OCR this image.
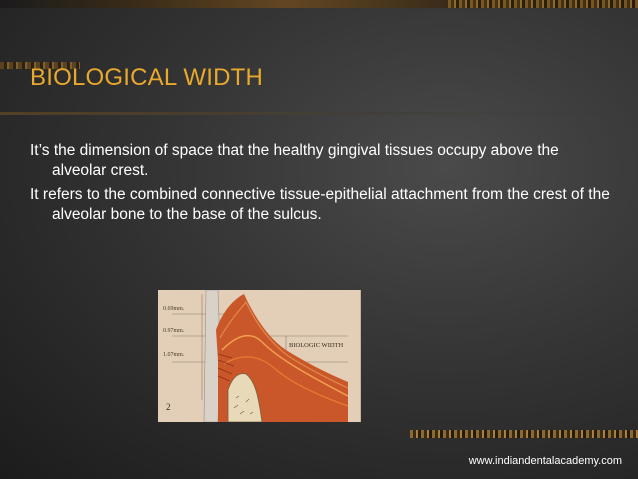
BIOLOGICAL WIDTH
It’s the dimension of space that the healthy gingival tissues occupy above the alveolar crest.
It refers to the combined connective tissue-epithelial attachment from the crest of the alveolar bone to the base of the sulcus.
0.69mm.
0.97mm.
1.07mm.
BIOLOGIC WIDTH
2
www.indiandentalacademy.com
